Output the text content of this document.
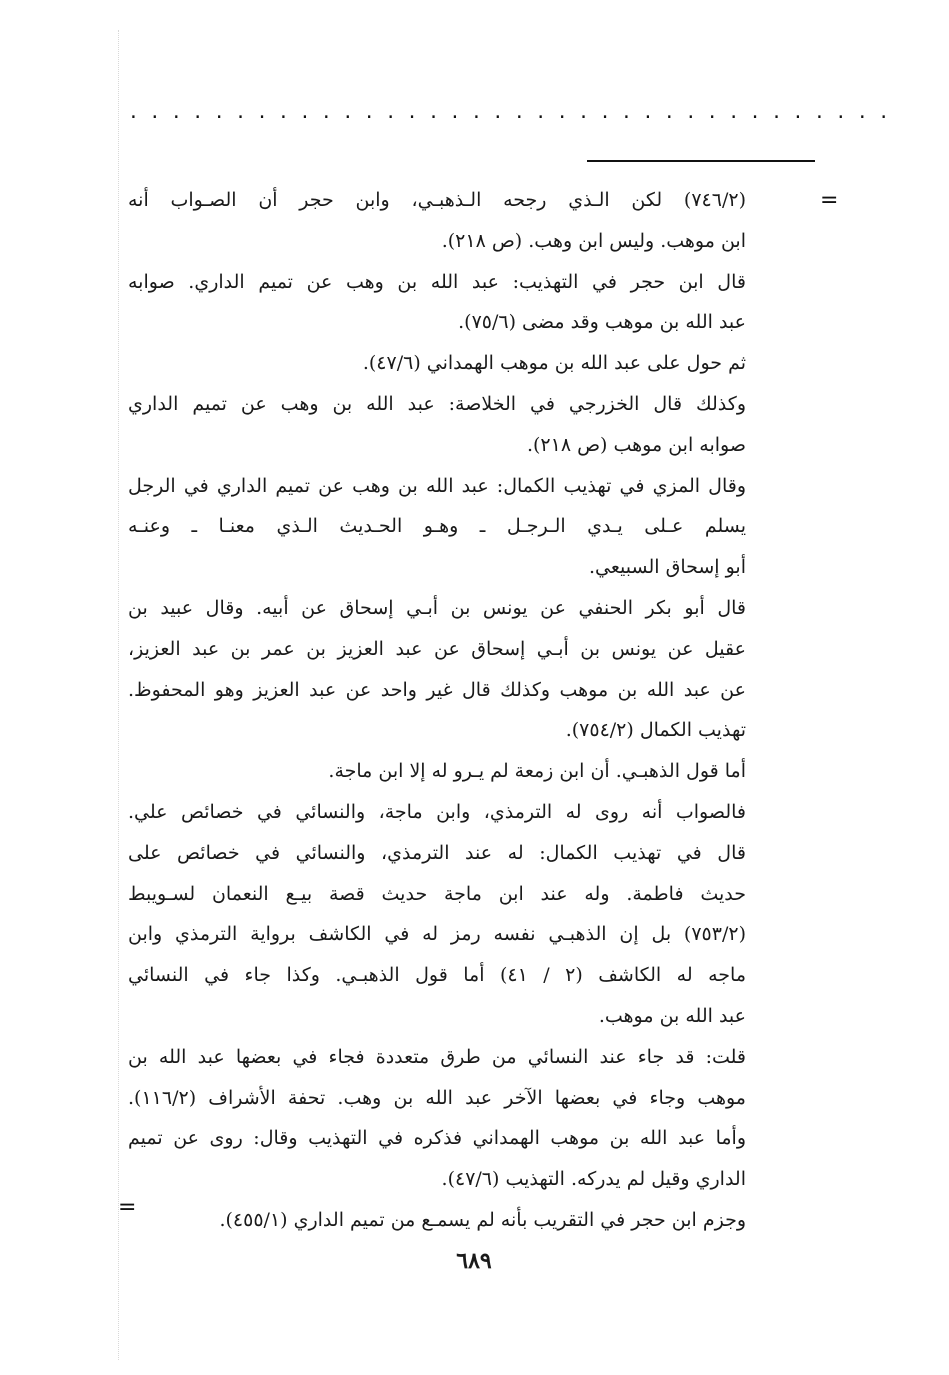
....................................
=
(٧٤٦/٢) لكن الـذي رجحه الـذهبـي، وابن حجر أن الصـواب أنه
ابن موهب. وليس ابن وهب. (ص ٢١٨).
قال ابن حجر في التهذيب: عبد الله بن وهب عن تميم الداري. صوابه
عبد الله بن موهب وقد مضى (٧٥/٦).
ثم حول على عبد الله بن موهب الهمداني (٤٧/٦).
وكذلك قال الخزرجي في الخلاصة: عبد الله بن وهب عن تميم الداري
صوابه ابن موهب (ص ٢١٨).
وقال المزي في تهذيب الكمال: عبد الله بن وهب عن تميم الداري في الرجل
يسلم عـلى يـدي الـرجـل ـ وهـو الحـديث الـذي معنـا ـ وعنـه
أبو إسحاق السبيعي.
قال أبو بكر الحنفي عن يونس بن أبـي إسحاق عن أبيه. وقال عبيد بن
عقيل عن يونس بن أبـي إسحاق عن عبد العزيز بن عمر بن عبد العزيز،
عن عبد الله بن موهب وكذلك قال غير واحد عن عبد العزيز وهو المحفوظ.
تهذيب الكمال (٧٥٤/٢).
أما قول الذهبـي. أن ابن زمعة لم يـرو له إلا ابن ماجة.
فالصواب أنه روى له الترمذي، وابن ماجة، والنسائي في خصائص علي.
قال في تهذيب الكمال: له عند الترمذي، والنسائي في خصائص على
حديث فاطمة. وله عند ابن ماجة حديث قصة بيـع النعمان لسـويبط
(٧٥٣/٢) بل إن الذهبـي نفسه رمز له في الكاشف برواية الترمذي وابن
ماجه له الكاشف (٢ / ٤١) أما قول الذهبـي. وكذا جاء في النسائي
عبد الله بن موهب.
قلت: قد جاء عند النسائي من طرق متعددة فجاء في بعضها عبد الله بن
موهب وجاء في بعضها الآخر عبد الله بن وهب. تحفة الأشراف (١١٦/٢).
وأما عبد الله بن موهب الهمداني فذكره في التهذيب وقال: روى عن تميم
الداري وقيل لم يدركه. التهذيب (٤٧/٦).
وجزم ابن حجر في التقريب بأنه لم يسمـع من تميم الداري (٤٥٥/١).
=
٦٨٩
